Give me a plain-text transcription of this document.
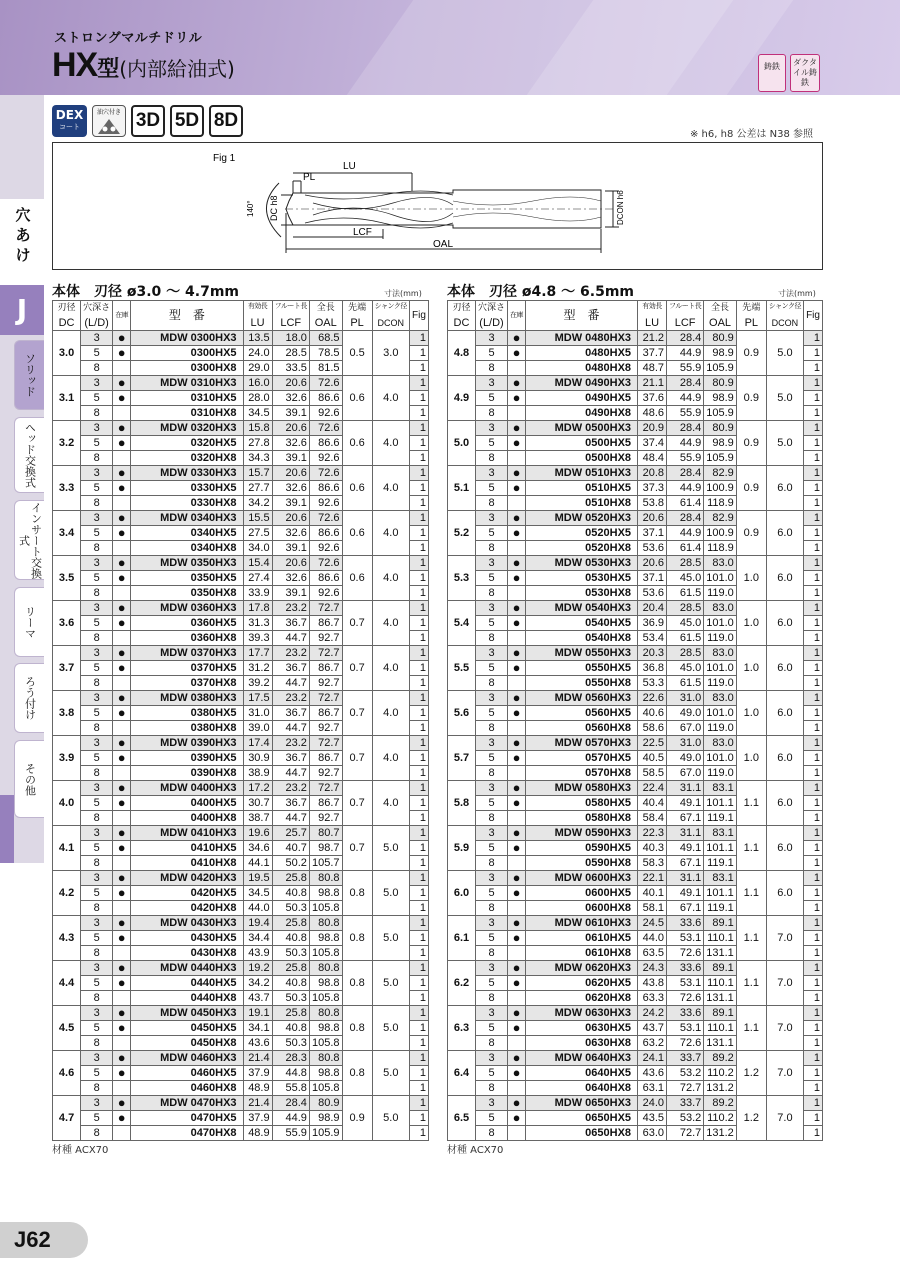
ストロングマルチドリル
HX型(内部給油式)	鋳鉄	ダクタイル鋳鉄
穴
あ
け
J
ソリッド
ヘッド交換式
インサート交換式
リーマ
ろう付け
その他
DEX
コート
油穴付き 3D 5D 8D
※ h6, h8 公差は N38 参照
Fig 1
LU
PL
LCF
OAL
DC h8	DCON h6
140°
本体　刃径 ø3.0 ～ 4.7mm	寸法(mm) 本体　刃径 ø4.8 ～ 6.5mm	寸法(mm)
刃径	穴深さ	在庫	型　番	有効長	フルート長	全長	先端	シャンク径	Fig
DC	(L/D)			LU	LCF	OAL	PL	DCON	
3.0	3	●	MDW 0300HX3	13.5	18.0	68.5	0.5	3.0	1
	5	●	0300HX5	24.0	28.5	78.5			1
	8		0300HX8	29.0	33.5	81.5			1
3.1	3	●	MDW 0310HX3	16.0	20.6	72.6	0.6	4.0	1
	5	●	0310HX5	28.0	32.6	86.6			1
	8		0310HX8	34.5	39.1	92.6			1
3.2	3	●	MDW 0320HX3	15.8	20.6	72.6	0.6	4.0	1
	5	●	0320HX5	27.8	32.6	86.6			1
	8		0320HX8	34.3	39.1	92.6			1
3.3	3	●	MDW 0330HX3	15.7	20.6	72.6	0.6	4.0	1
	5	●	0330HX5	27.7	32.6	86.6			1
	8		0330HX8	34.2	39.1	92.6			1
3.4	3	●	MDW 0340HX3	15.5	20.6	72.6	0.6	4.0	1
	5	●	0340HX5	27.5	32.6	86.6			1
	8		0340HX8	34.0	39.1	92.6			1
3.5	3	●	MDW 0350HX3	15.4	20.6	72.6	0.6	4.0	1
	5	●	0350HX5	27.4	32.6	86.6			1
	8		0350HX8	33.9	39.1	92.6			1
3.6	3	●	MDW 0360HX3	17.8	23.2	72.7	0.7	4.0	1
	5	●	0360HX5	31.3	36.7	86.7			1
	8		0360HX8	39.3	44.7	92.7			1
3.7	3	●	MDW 0370HX3	17.7	23.2	72.7	0.7	4.0	1
	5	●	0370HX5	31.2	36.7	86.7			1
	8		0370HX8	39.2	44.7	92.7			1
3.8	3	●	MDW 0380HX3	17.5	23.2	72.7	0.7	4.0	1
	5	●	0380HX5	31.0	36.7	86.7			1
	8		0380HX8	39.0	44.7	92.7			1
3.9	3	●	MDW 0390HX3	17.4	23.2	72.7	0.7	4.0	1
	5	●	0390HX5	30.9	36.7	86.7			1
	8		0390HX8	38.9	44.7	92.7			1
4.0	3	●	MDW 0400HX3	17.2	23.2	72.7	0.7	4.0	1
	5	●	0400HX5	30.7	36.7	86.7			1
	8		0400HX8	38.7	44.7	92.7			1
4.1	3	●	MDW 0410HX3	19.6	25.7	80.7	0.7	5.0	1
	5	●	0410HX5	34.6	40.7	98.7			1
	8		0410HX8	44.1	50.2	105.7			1
4.2	3	●	MDW 0420HX3	19.5	25.8	80.8	0.8	5.0	1
	5	●	0420HX5	34.5	40.8	98.8			1
	8		0420HX8	44.0	50.3	105.8			1
4.3	3	●	MDW 0430HX3	19.4	25.8	80.8	0.8	5.0	1
	5	●	0430HX5	34.4	40.8	98.8			1
	8		0430HX8	43.9	50.3	105.8			1
4.4	3	●	MDW 0440HX3	19.2	25.8	80.8	0.8	5.0	1
	5	●	0440HX5	34.2	40.8	98.8			1
	8		0440HX8	43.7	50.3	105.8			1
4.5	3	●	MDW 0450HX3	19.1	25.8	80.8	0.8	5.0	1
	5	●	0450HX5	34.1	40.8	98.8			1
	8		0450HX8	43.6	50.3	105.8			1
4.6	3	●	MDW 0460HX3	21.4	28.3	80.8	0.8	5.0	1
	5	●	0460HX5	37.9	44.8	98.8			1
	8		0460HX8	48.9	55.8	105.8			1
4.7	3	●	MDW 0470HX3	21.4	28.4	80.9	0.9	5.0	1
	5	●	0470HX5	37.9	44.9	98.9			1
	8		0470HX8	48.9	55.9	105.9			1
刃径	穴深さ	在庫	型　番	有効長	フルート長	全長	先端	シャンク径	Fig
DC	(L/D)			LU	LCF	OAL	PL	DCON	
4.8	3	●	MDW 0480HX3	21.2	28.4	80.9	0.9	5.0	1
	5	●	0480HX5	37.7	44.9	98.9			1
	8		0480HX8	48.7	55.9	105.9			1
4.9	3	●	MDW 0490HX3	21.1	28.4	80.9	0.9	5.0	1
	5	●	0490HX5	37.6	44.9	98.9			1
	8		0490HX8	48.6	55.9	105.9			1
5.0	3	●	MDW 0500HX3	20.9	28.4	80.9	0.9	5.0	1
	5	●	0500HX5	37.4	44.9	98.9			1
	8		0500HX8	48.4	55.9	105.9			1
5.1	3	●	MDW 0510HX3	20.8	28.4	82.9	0.9	6.0	1
	5	●	0510HX5	37.3	44.9	100.9			1
	8		0510HX8	53.8	61.4	118.9			1
5.2	3	●	MDW 0520HX3	20.6	28.4	82.9	0.9	6.0	1
	5	●	0520HX5	37.1	44.9	100.9			1
	8		0520HX8	53.6	61.4	118.9			1
5.3	3	●	MDW 0530HX3	20.6	28.5	83.0	1.0	6.0	1
	5	●	0530HX5	37.1	45.0	101.0			1
	8		0530HX8	53.6	61.5	119.0			1
5.4	3	●	MDW 0540HX3	20.4	28.5	83.0	1.0	6.0	1
	5	●	0540HX5	36.9	45.0	101.0			1
	8		0540HX8	53.4	61.5	119.0			1
5.5	3	●	MDW 0550HX3	20.3	28.5	83.0	1.0	6.0	1
	5	●	0550HX5	36.8	45.0	101.0			1
	8		0550HX8	53.3	61.5	119.0			1
5.6	3	●	MDW 0560HX3	22.6	31.0	83.0	1.0	6.0	1
	5	●	0560HX5	40.6	49.0	101.0			1
	8		0560HX8	58.6	67.0	119.0			1
5.7	3	●	MDW 0570HX3	22.5	31.0	83.0	1.0	6.0	1
	5	●	0570HX5	40.5	49.0	101.0			1
	8		0570HX8	58.5	67.0	119.0			1
5.8	3	●	MDW 0580HX3	22.4	31.1	83.1	1.1	6.0	1
	5	●	0580HX5	40.4	49.1	101.1			1
	8		0580HX8	58.4	67.1	119.1			1
5.9	3	●	MDW 0590HX3	22.3	31.1	83.1	1.1	6.0	1
	5	●	0590HX5	40.3	49.1	101.1			1
	8		0590HX8	58.3	67.1	119.1			1
6.0	3	●	MDW 0600HX3	22.1	31.1	83.1	1.1	6.0	1
	5	●	0600HX5	40.1	49.1	101.1			1
	8		0600HX8	58.1	67.1	119.1			1
6.1	3	●	MDW 0610HX3	24.5	33.6	89.1	1.1	7.0	1
	5	●	0610HX5	44.0	53.1	110.1			1
	8		0610HX8	63.5	72.6	131.1			1
6.2	3	●	MDW 0620HX3	24.3	33.6	89.1	1.1	7.0	1
	5	●	0620HX5	43.8	53.1	110.1			1
	8		0620HX8	63.3	72.6	131.1			1
6.3	3	●	MDW 0630HX3	24.2	33.6	89.1	1.1	7.0	1
	5	●	0630HX5	43.7	53.1	110.1			1
	8		0630HX8	63.2	72.6	131.1			1
6.4	3	●	MDW 0640HX3	24.1	33.7	89.2	1.2	7.0	1
	5	●	0640HX5	43.6	53.2	110.2			1
	8		0640HX8	63.1	72.7	131.2			1
6.5	3	●	MDW 0650HX3	24.0	33.7	89.2	1.2	7.0	1
	5	●	0650HX5	43.5	53.2	110.2			1
	8		0650HX8	63.0	72.7	131.2			1
材種 ACX70	材種 ACX70
J62
